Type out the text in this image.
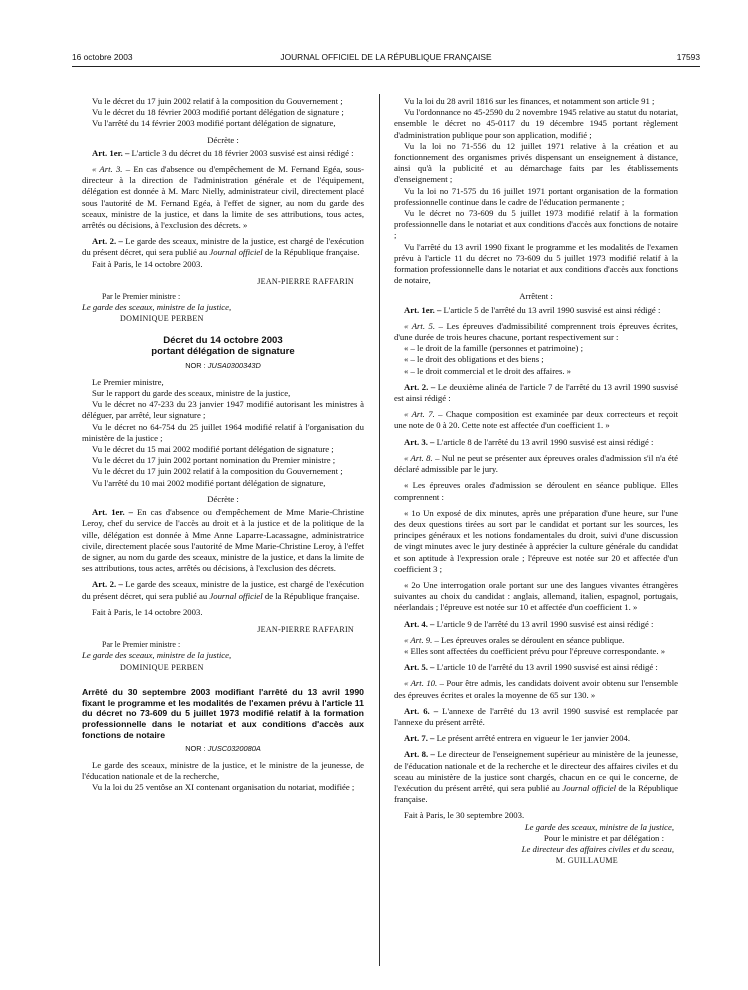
16 octobre 2003	JOURNAL OFFICIEL DE LA RÉPUBLIQUE FRANÇAISE	17593

Vu le décret du 17 juin 2002 relatif à la composition du Gouvernement ;

Vu le décret du 18 février 2003 modifié portant délégation de signature ;

Vu l'arrêté du 14 février 2003 modifié portant délégation de signature,

Décrète :

Art. 1er. – L'article 3 du décret du 18 février 2003 susvisé est ainsi rédigé :

« Art. 3. – En cas d'absence ou d'empêchement de M. Fernand Egéa, sous-directeur à la direction de l'administration générale et de l'équipement, délégation est donnée à M. Marc Nielly, administrateur civil, directement placé sous l'autorité de M. Fernand Egéa, à l'effet de signer, au nom du garde des sceaux, ministre de la justice, et dans la limite de ses attributions, tous actes, arrêtés ou décisions, à l'exclusion des décrets. »

Art. 2. – Le garde des sceaux, ministre de la justice, est chargé de l'exécution du présent décret, qui sera publié au Journal officiel de la République française.

Fait à Paris, le 14 octobre 2003.

JEAN-PIERRE RAFFARIN

Par le Premier ministre :

Le garde des sceaux, ministre de la justice,

DOMINIQUE PERBEN

Décret du 14 octobre 2003
portant délégation de signature
NOR : JUSA0300343D

Le Premier ministre,

Sur le rapport du garde des sceaux, ministre de la justice,

Vu le décret no 47-233 du 23 janvier 1947 modifié autorisant les ministres à déléguer, par arrêté, leur signature ;

Vu le décret no 64-754 du 25 juillet 1964 modifié relatif à l'organisation du ministère de la justice ;

Vu le décret du 15 mai 2002 modifié portant délégation de signature ;

Vu le décret du 17 juin 2002 portant nomination du Premier ministre ;

Vu le décret du 17 juin 2002 relatif à la composition du Gouvernement ;

Vu l'arrêté du 10 mai 2002 modifié portant délégation de signature,

Décrète :

Art. 1er. – En cas d'absence ou d'empêchement de Mme Marie-Christine Leroy, chef du service de l'accès au droit et à la justice et de la politique de la ville, délégation est donnée à Mme Anne Laparre-Lacassagne, administratrice civile, directement placée sous l'autorité de Mme Marie-Christine Leroy, à l'effet de signer, au nom du garde des sceaux, ministre de la justice, et dans la limite de ses attributions, tous actes, arrêtés ou décisions, à l'exclusion des décrets.

Art. 2. – Le garde des sceaux, ministre de la justice, est chargé de l'exécution du présent décret, qui sera publié au Journal officiel de la République française.

Fait à Paris, le 14 octobre 2003.

JEAN-PIERRE RAFFARIN

Par le Premier ministre :

Le garde des sceaux, ministre de la justice,

DOMINIQUE PERBEN

Arrêté du 30 septembre 2003 modifiant l'arrêté du 13 avril 1990 fixant le programme et les modalités de l'examen prévu à l'article 11 du décret no 73-609 du 5 juillet 1973 modifié relatif à la formation professionnelle dans le notariat et aux conditions d'accès aux fonctions de notaire
NOR : JUSC0320080A

Le garde des sceaux, ministre de la justice, et le ministre de la jeunesse, de l'éducation nationale et de la recherche,

Vu la loi du 25 ventôse an XI contenant organisation du notariat, modifiée ;

Vu la loi du 28 avril 1816 sur les finances, et notamment son article 91 ;

Vu l'ordonnance no 45-2590 du 2 novembre 1945 relative au statut du notariat, ensemble le décret no 45-0117 du 19 décembre 1945 portant règlement d'administration publique pour son application, modifié ;

Vu la loi no 71-556 du 12 juillet 1971 relative à la création et au fonctionnement des organismes privés dispensant un enseignement à distance, ainsi qu'à la publicité et au démarchage faits par les établissements d'enseignement ;

Vu la loi no 71-575 du 16 juillet 1971 portant organisation de la formation professionnelle continue dans le cadre de l'éducation permanente ;

Vu le décret no 73-609 du 5 juillet 1973 modifié relatif à la formation professionnelle dans le notariat et aux conditions d'accès aux fonctions de notaire ;

Vu l'arrêté du 13 avril 1990 fixant le programme et les modalités de l'examen prévu à l'article 11 du décret no 73-609 du 5 juillet 1973 modifié relatif à la formation professionnelle dans le notariat et aux conditions d'accès aux fonctions de notaire,

Arrêtent :

Art. 1er. – L'article 5 de l'arrêté du 13 avril 1990 susvisé est ainsi rédigé :

« Art. 5. – Les épreuves d'admissibilité comprennent trois épreuves écrites, d'une durée de trois heures chacune, portant respectivement sur :

« – le droit de la famille (personnes et patrimoine) ;

« – le droit des obligations et des biens ;

« – le droit commercial et le droit des affaires. »

Art. 2. – Le deuxième alinéa de l'article 7 de l'arrêté du 13 avril 1990 susvisé est ainsi rédigé :

« Art. 7. – Chaque composition est examinée par deux correcteurs et reçoit une note de 0 à 20. Cette note est affectée d'un coefficient 1. »

Art. 3. – L'article 8 de l'arrêté du 13 avril 1990 susvisé est ainsi rédigé :

« Art. 8. – Nul ne peut se présenter aux épreuves orales d'admission s'il n'a été déclaré admissible par le jury.

« Les épreuves orales d'admission se déroulent en séance publique. Elles comprennent :

« 1o Un exposé de dix minutes, après une préparation d'une heure, sur l'une des deux questions tirées au sort par le candidat et portant sur les sources, les principes généraux et les notions fondamentales du droit, suivi d'une discussion de vingt minutes avec le jury destinée à apprécier la culture générale du candidat et son aptitude à l'expression orale ; l'épreuve est notée sur 20 et affectée d'un coefficient 3 ;

« 2o Une interrogation orale portant sur une des langues vivantes étrangères suivantes au choix du candidat : anglais, allemand, italien, espagnol, portugais, néerlandais ; l'épreuve est notée sur 10 et affectée d'un coefficient 1. »

Art. 4. – L'article 9 de l'arrêté du 13 avril 1990 susvisé est ainsi rédigé :

« Art. 9. – Les épreuves orales se déroulent en séance publique.

« Elles sont affectées du coefficient prévu pour l'épreuve correspondante. »

Art. 5. – L'article 10 de l'arrêté du 13 avril 1990 susvisé est ainsi rédigé :

« Art. 10. – Pour être admis, les candidats doivent avoir obtenu sur l'ensemble des épreuves écrites et orales la moyenne de 65 sur 130. »

Art. 6. – L'annexe de l'arrêté du 13 avril 1990 susvisé est remplacée par l'annexe du présent arrêté.

Art. 7. – Le présent arrêté entrera en vigueur le 1er janvier 2004.

Art. 8. – Le directeur de l'enseignement supérieur au ministère de la jeunesse, de l'éducation nationale et de la recherche et le directeur des affaires civiles et du sceau au ministère de la justice sont chargés, chacun en ce qui le concerne, de l'exécution du présent arrêté, qui sera publié au Journal officiel de la République française.

Fait à Paris, le 30 septembre 2003.

Le garde des sceaux, ministre de la justice,

Pour le ministre et par délégation :

Le directeur des affaires civiles et du sceau,

M. GUILLAUME
